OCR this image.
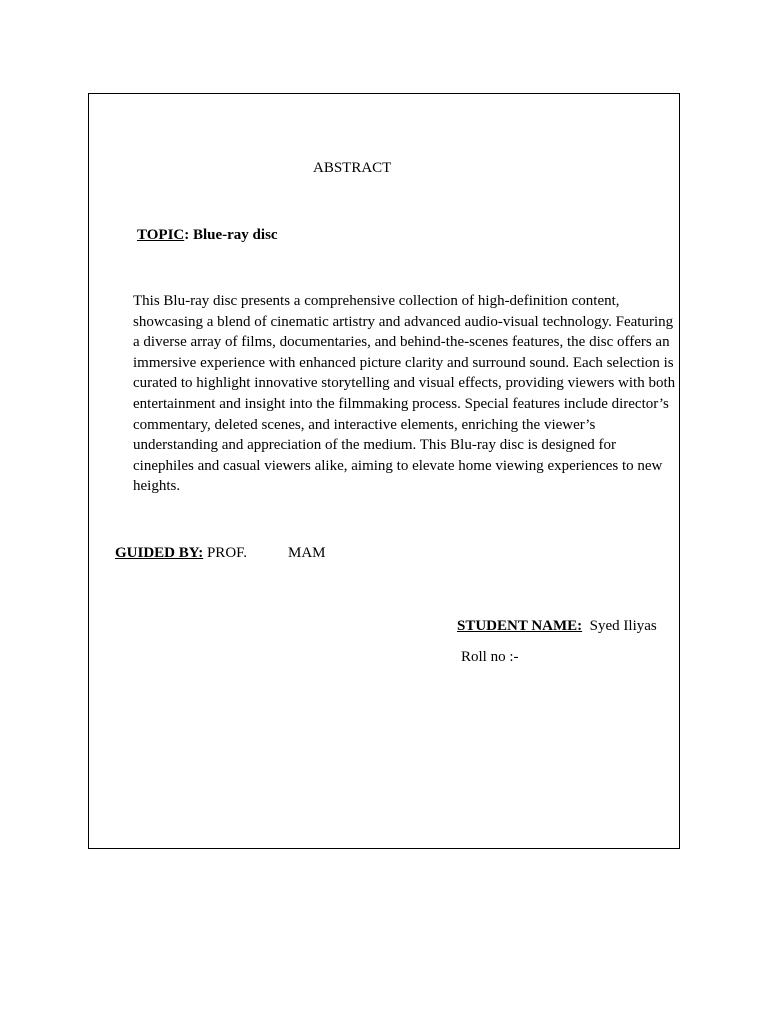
ABSTRACT
TOPIC: Blue-ray disc
This Blu-ray disc presents a comprehensive collection of high-definition content,
showcasing a blend of cinematic artistry and advanced audio-visual technology. Featuring
a diverse array of films, documentaries, and behind-the-scenes features, the disc offers an
immersive experience with enhanced picture clarity and surround sound. Each selection is
curated to highlight innovative storytelling and visual effects, providing viewers with both
entertainment and insight into the filmmaking process. Special features include director’s
commentary, deleted scenes, and interactive elements, enriching the viewer’s
understanding and appreciation of the medium. This Blu-ray disc is designed for
cinephiles and casual viewers alike, aiming to elevate home viewing experiences to new
heights.
GUIDED BY: PROF.	MAM
STUDENT NAME: Syed Iliyas
Roll no :-
